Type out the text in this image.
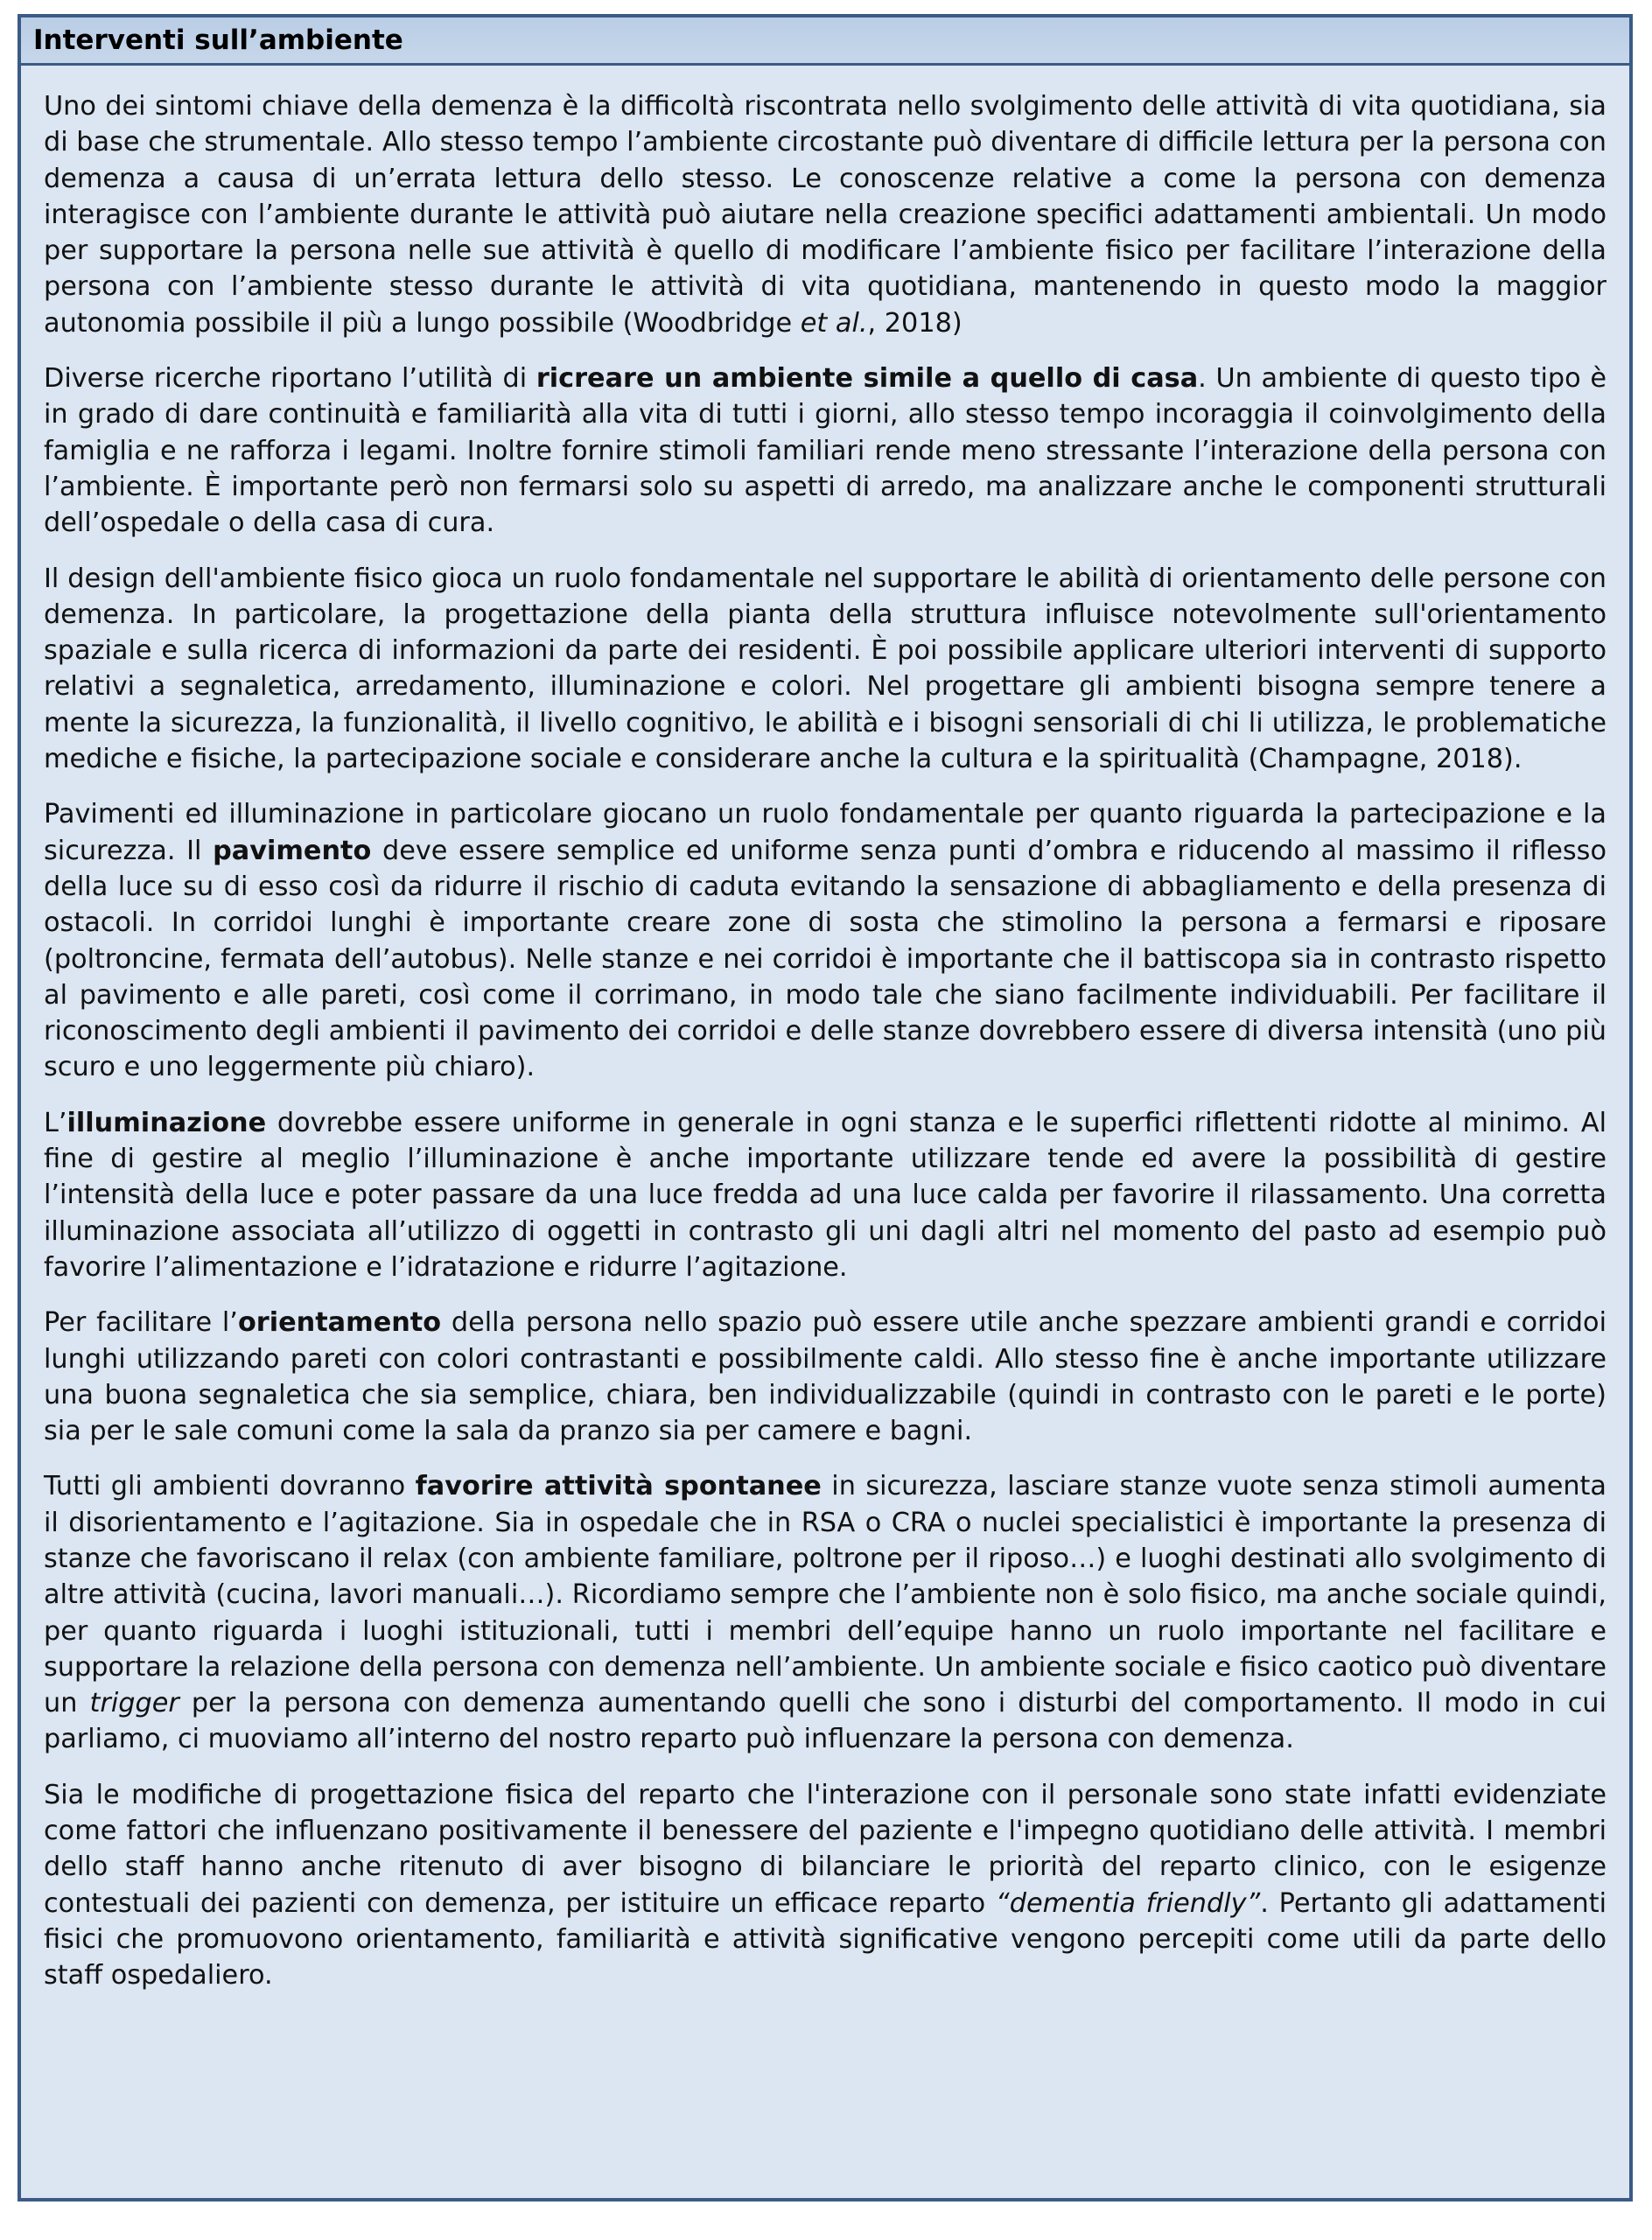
Interventi sull’ambiente

Uno dei sintomi chiave della demenza è la difficoltà riscontrata nello svolgimento delle attività di vita quotidiana, sia di base che strumentale. Allo stesso tempo l’ambiente circostante può diventare di difficile lettura per la persona con demenza a causa di un’errata lettura dello stesso. Le conoscenze relative a come la persona con demenza interagisce con l’ambiente durante le attività può aiutare nella creazione specifici adattamenti ambientali. Un modo per supportare la persona nelle sue attività è quello di modificare l’ambiente fisico per facilitare l’interazione della persona con l’ambiente stesso durante le attività di vita quotidiana, mantenendo in questo modo la maggior autonomia possibile il più a lungo possibile (Woodbridge et al., 2018)

Diverse ricerche riportano l’utilità di ricreare un ambiente simile a quello di casa. Un ambiente di questo tipo è in grado di dare continuità e familiarità alla vita di tutti i giorni, allo stesso tempo incoraggia il coinvolgimento della famiglia e ne rafforza i legami. Inoltre fornire stimoli familiari rende meno stressante l’interazione della persona con l’ambiente. È importante però non fermarsi solo su aspetti di arredo, ma analizzare anche le componenti strutturali dell’ospedale o della casa di cura.

Il design dell'ambiente fisico gioca un ruolo fondamentale nel supportare le abilità di orientamento delle persone con demenza. In particolare, la progettazione della pianta della struttura influisce notevolmente sull'orientamento spaziale e sulla ricerca di informazioni da parte dei residenti. È poi possibile applicare ulteriori interventi di supporto relativi a segnaletica, arredamento, illuminazione e colori. Nel progettare gli ambienti bisogna sempre tenere a mente la sicurezza, la funzionalità, il livello cognitivo, le abilità e i bisogni sensoriali di chi li utilizza, le problematiche mediche e fisiche, la partecipazione sociale e considerare anche la cultura e la spiritualità (Champagne, 2018).

Pavimenti ed illuminazione in particolare giocano un ruolo fondamentale per quanto riguarda la partecipazione e la sicurezza. Il pavimento deve essere semplice ed uniforme senza punti d’ombra e riducendo al massimo il riflesso della luce su di esso così da ridurre il rischio di caduta evitando la sensazione di abbagliamento e della presenza di ostacoli. In corridoi lunghi è importante creare zone di sosta che stimolino la persona a fermarsi e riposare (poltroncine, fermata dell’autobus). Nelle stanze e nei corridoi è importante che il battiscopa sia in contrasto rispetto al pavimento e alle pareti, così come il corrimano, in modo tale che siano facilmente individuabili. Per facilitare il riconoscimento degli ambienti il pavimento dei corridoi e delle stanze dovrebbero essere di diversa intensità (uno più scuro e uno leggermente più chiaro).

L’illuminazione dovrebbe essere uniforme in generale in ogni stanza e le superfici riflettenti ridotte al minimo. Al fine di gestire al meglio l’illuminazione è anche importante utilizzare tende ed avere la possibilità di gestire l’intensità della luce e poter passare da una luce fredda ad una luce calda per favorire il rilassamento. Una corretta illuminazione associata all’utilizzo di oggetti in contrasto gli uni dagli altri nel momento del pasto ad esempio può favorire l’alimentazione e l’idratazione e ridurre l’agitazione.

Per facilitare l’orientamento della persona nello spazio può essere utile anche spezzare ambienti grandi e corridoi lunghi utilizzando pareti con colori contrastanti e possibilmente caldi. Allo stesso fine è anche importante utilizzare una buona segnaletica che sia semplice, chiara, ben individualizzabile (quindi in contrasto con le pareti e le porte) sia per le sale comuni come la sala da pranzo sia per camere e bagni.

Tutti gli ambienti dovranno favorire attività spontanee in sicurezza, lasciare stanze vuote senza stimoli aumenta il disorientamento e l’agitazione. Sia in ospedale che in RSA o CRA o nuclei specialistici è importante la presenza di stanze che favoriscano il relax (con ambiente familiare, poltrone per il riposo…) e luoghi destinati allo svolgimento di altre attività (cucina, lavori manuali…). Ricordiamo sempre che l’ambiente non è solo fisico, ma anche sociale quindi, per quanto riguarda i luoghi istituzionali, tutti i membri dell’equipe hanno un ruolo importante nel facilitare e supportare la relazione della persona con demenza nell’ambiente. Un ambiente sociale e fisico caotico può diventare un trigger per la persona con demenza aumentando quelli che sono i disturbi del comportamento. Il modo in cui parliamo, ci muoviamo all’interno del nostro reparto può influenzare la persona con demenza.

Sia le modifiche di progettazione fisica del reparto che l'interazione con il personale sono state infatti evidenziate come fattori che influenzano positivamente il benessere del paziente e l'impegno quotidiano delle attività. I membri dello staff hanno anche ritenuto di aver bisogno di bilanciare le priorità del reparto clinico, con le esigenze contestuali dei pazienti con demenza, per istituire un efficace reparto “dementia friendly”. Pertanto gli adattamenti fisici che promuovono orientamento, familiarità e attività significative vengono percepiti come utili da parte dello staff ospedaliero.
